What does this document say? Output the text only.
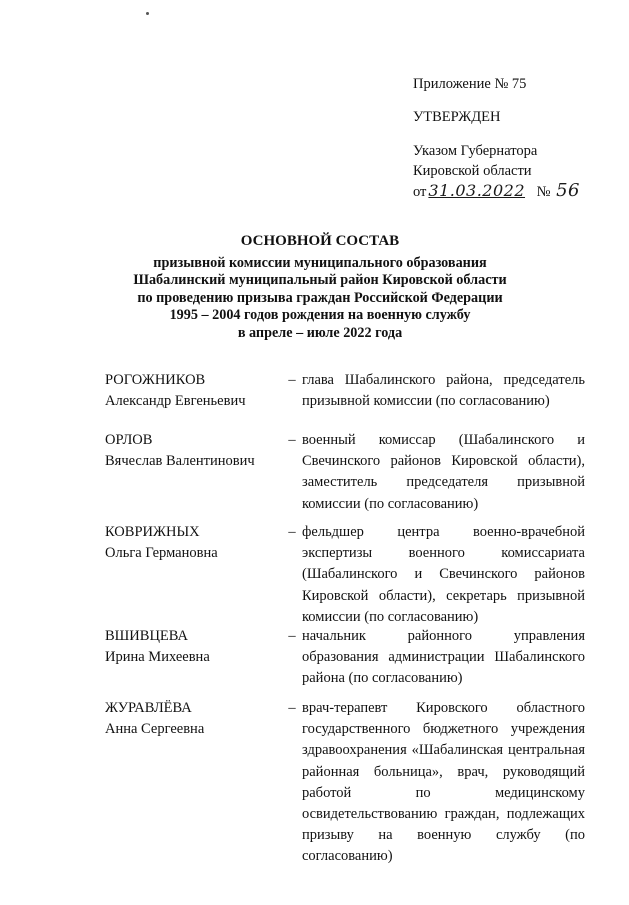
Приложение № 75
УТВЕРЖДЕН
Указом Губернатора
Кировской области
от 31.03.2022 № 56
ОСНОВНОЙ СОСТАВ
призывной комиссии муниципального образования
Шабалинский муниципальный район Кировской области
по проведению призыва граждан Российской Федерации
1995 – 2004 годов рождения на военную службу
в апреле – июле 2022 года
РОГОЖНИКОВ
Александр Евгеньевич
– глава Шабалинского района, председатель призывной комиссии (по согласованию)
ОРЛОВ
Вячеслав Валентинович
– военный комиссар (Шабалинского и Свечинского районов Кировской области), заместитель председателя призывной комиссии (по согласованию)
КОВРИЖНЫХ
Ольга Германовна
– фельдшер центра военно-врачебной экспертизы военного комиссариата (Шабалинского и Свечинского районов Кировской области), секретарь призывной комиссии (по согласованию)
ВШИВЦЕВА
Ирина Михеевна
– начальник районного управления образования администрации Шабалинского района (по согласованию)
ЖУРАВЛЁВА
Анна Сергеевна
– врач-терапевт Кировского областного государственного бюджетного учреждения здравоохранения «Шабалинская центральная районная больница», врач, руководящий работой по медицинскому освидетельствованию граждан, подлежащих призыву на военную службу (по согласованию)
